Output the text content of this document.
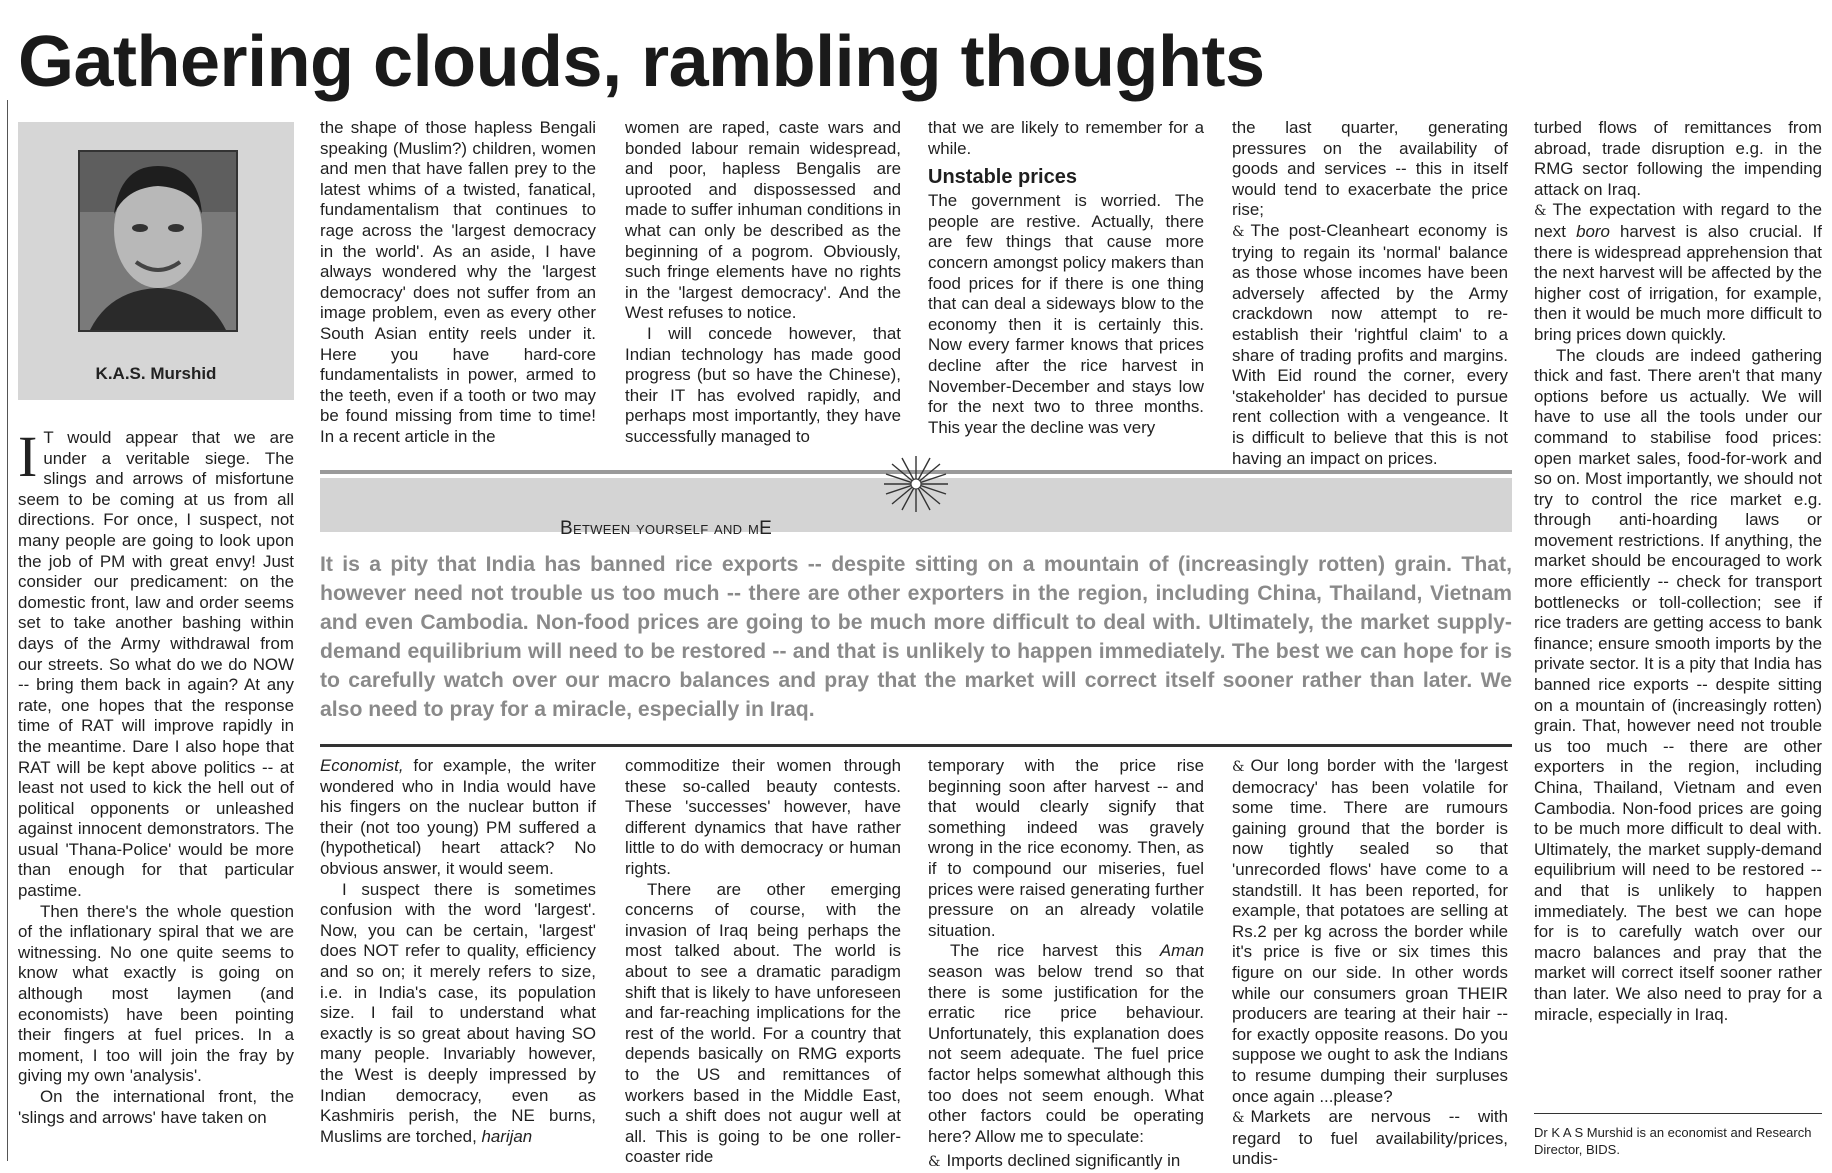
Gathering clouds, rambling thoughts
K.A.S. Murshid

I T would appear that we are under a veritable siege. The slings and arrows of misfortune seem to be coming at us from all directions. For once, I suspect, not many people are going to look upon the job of PM with great envy! Just consider our predicament: on the domestic front, law and order seems set to take another bashing within days of the Army withdrawal from our streets. So what do we do NOW -- bring them back in again? At any rate, one hopes that the response time of RAT will improve rapidly in the meantime. Dare I also hope that RAT will be kept above politics -- at least not used to kick the hell out of political opponents or unleashed against innocent demonstrators. The usual 'Thana-Police' would be more than enough for that particular pastime.

Then there's the whole question of the inflationary spiral that we are witnessing. No one quite seems to know what exactly is going on although most laymen (and economists) have been pointing their fingers at fuel prices. In a moment, I too will join the fray by giving my own 'analysis'.

On the international front, the 'slings and arrows' have taken on

the shape of those hapless Bengali speaking (Muslim?) children, women and men that have fallen prey to the latest whims of a twisted, fanatical, fundamentalism that continues to rage across the 'largest democracy in the world'. As an aside, I have always wondered why the 'largest democracy' does not suffer from an image problem, even as every other South Asian entity reels under it. Here you have hard-core fundamentalists in power, armed to the teeth, even if a tooth or two may be found missing from time to time! In a recent article in the

women are raped, caste wars and bonded labour remain widespread, and poor, hapless Bengalis are uprooted and dispossessed and made to suffer inhuman conditions in what can only be described as the beginning of a pogrom. Obviously, such fringe elements have no rights in the 'largest democracy'. And the West refuses to notice.

I will concede however, that Indian technology has made good progress (but so have the Chinese), their IT has evolved rapidly, and perhaps most importantly, they have successfully managed to

that we are likely to remember for a while.

Unstable prices

The government is worried. The people are restive. Actually, there are few things that cause more concern amongst policy makers than food prices for if there is one thing that can deal a sideways blow to the economy then it is certainly this. Now every farmer knows that prices decline after the rice harvest in November-December and stays low for the next two to three months. This year the decline was very

the last quarter, generating pressures on the availability of goods and services -- this in itself would tend to exacerbate the price rise;

& The post-Cleanheart economy is trying to regain its 'normal' balance as those whose incomes have been adversely affected by the Army crackdown now attempt to re-establish their 'rightful claim' to a share of trading profits and margins. With Eid round the corner, every 'stakeholder' has decided to pursue rent collection with a vengeance. It is difficult to believe that this is not having an impact on prices.

turbed flows of remittances from abroad, trade disruption e.g. in the RMG sector following the impending attack on Iraq.

& The expectation with regard to the next boro harvest is also crucial. If there is widespread apprehension that the next harvest will be affected by the higher cost of irrigation, for example, then it would be much more difficult to bring prices down quickly.

The clouds are indeed gathering thick and fast. There aren't that many options before us actually. We will have to use all the tools under our command to stabilise food prices: open market sales, food-for-work and so on. Most importantly, we should not try to control the rice market e.g. through anti-hoarding laws or movement restrictions. If anything, the market should be encouraged to work more efficiently -- check for transport bottlenecks or toll-collection; see if rice traders are getting access to bank finance; ensure smooth imports by the private sector. It is a pity that India has banned rice exports -- despite sitting on a mountain of (increasingly rotten) grain. That, however need not trouble us too much -- there are other exporters in the region, including China, Thailand, Vietnam and even Cambodia. Non-food prices are going to be much more difficult to deal with. Ultimately, the market supply-demand equilibrium will need to be restored -- and that is unlikely to happen immediately. The best we can hope for is to carefully watch over our macro balances and pray that the market will correct itself sooner rather than later. We also need to pray for a miracle, especially in Iraq.

Between yourself and mE
It is a pity that India has banned rice exports -- despite sitting on a mountain of (increasingly rotten) grain. That, however need not trouble us too much -- there are other exporters in the region, including China, Thailand, Vietnam and even Cambodia. Non-food prices are going to be much more difficult to deal with. Ultimately, the market supply-demand equilibrium will need to be restored -- and that is unlikely to happen immediately. The best we can hope for is to carefully watch over our macro balances and pray that the market will correct itself sooner rather than later. We also need to pray for a miracle, especially in Iraq.

Economist, for example, the writer wondered who in India would have his fingers on the nuclear button if their (not too young) PM suffered a (hypothetical) heart attack? No obvious answer, it would seem.

I suspect there is sometimes confusion with the word 'largest'. Now, you can be certain, 'largest' does NOT refer to quality, efficiency and so on; it merely refers to size, i.e. in India's case, its population size. I fail to understand what exactly is so great about having SO many people. Invariably however, the West is deeply impressed by Indian democracy, even as Kashmiris perish, the NE burns, Muslims are torched, harijan

commoditize their women through these so-called beauty contests. These 'successes' however, have different dynamics that have rather little to do with democracy or human rights.

There are other emerging concerns of course, with the invasion of Iraq being perhaps the most talked about. The world is about to see a dramatic paradigm shift that is likely to have unforeseen and far-reaching implications for the rest of the world. For a country that depends basically on RMG exports to the US and remittances of workers based in the Middle East, such a shift does not augur well at all. This is going to be one roller-coaster ride

temporary with the price rise beginning soon after harvest -- and that would clearly signify that something indeed was gravely wrong in the rice economy. Then, as if to compound our miseries, fuel prices were raised generating further pressure on an already volatile situation.

The rice harvest this Aman season was below trend so that there is some justification for the erratic rice price behaviour. Unfortunately, this explanation does not seem adequate. The fuel price factor helps somewhat although this too does not seem enough. What other factors could be operating here? Allow me to speculate:

& Imports declined significantly in

& Our long border with the 'largest democracy' has been volatile for some time. There are rumours gaining ground that the border is now tightly sealed so that 'unrecorded flows' have come to a standstill. It has been reported, for example, that potatoes are selling at Rs.2 per kg across the border while it's price is five or six times this figure on our side. In other words while our consumers groan THEIR producers are tearing at their hair -- for exactly opposite reasons. Do you suppose we ought to ask the Indians to resume dumping their surpluses once again ...please?

& Markets are nervous -- with regard to fuel availability/prices, undis-

Dr K A S Murshid is an economist and Research Director, BIDS.
